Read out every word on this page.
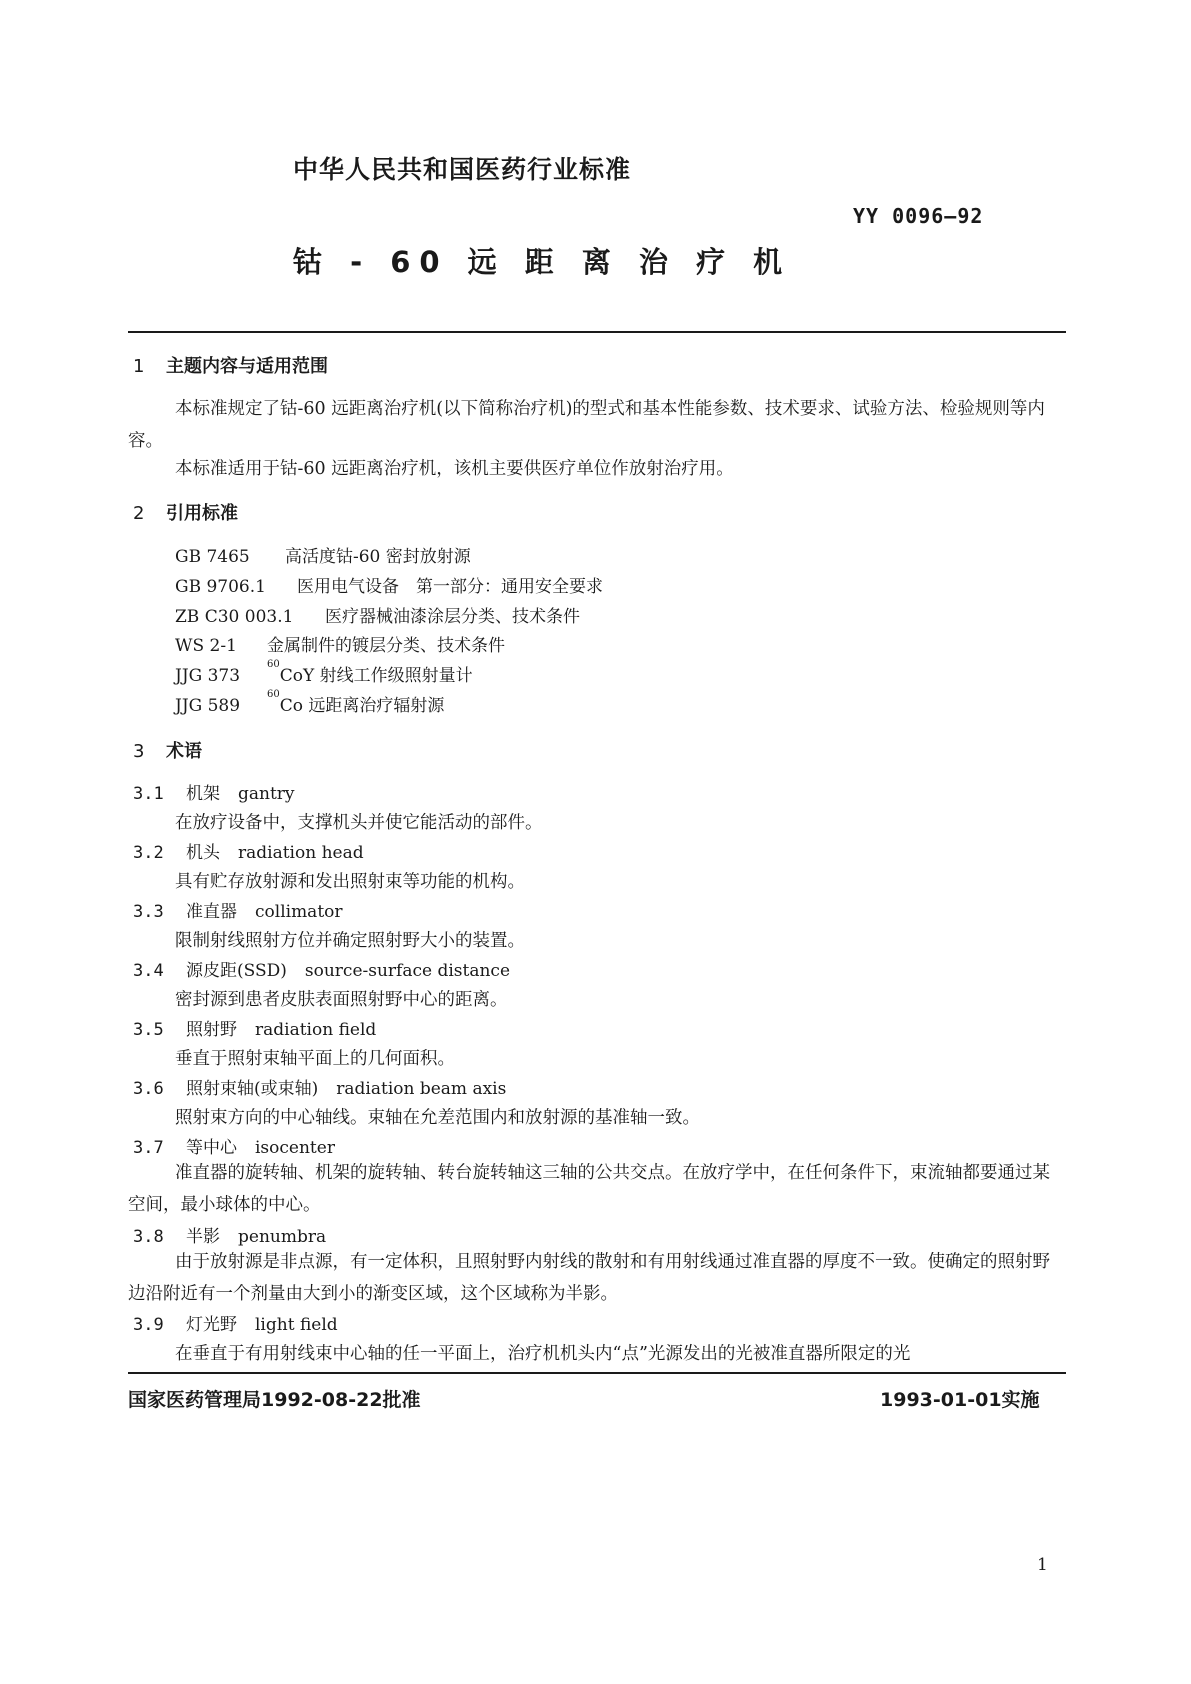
中华人民共和国医药行业标准
YY 0096—92
钴 - 60 远 距 离 治 疗 机
1 主题内容与适用范围
本标准规定了钴-60 远距离治疗机(以下简称治疗机)的型式和基本性能参数、技术要求、试验方法、检验规则等内容。
本标准适用于钴-60 远距离治疗机，该机主要供医疗单位作放射治疗用。
2 引用标准
GB 7465 高活度钴-60 密封放射源
GB 9706.1 医用电气设备　第一部分：通用安全要求
ZB C30 003.1 医疗器械油漆涂层分类、技术条件
WS 2-1 金属制件的镀层分类、技术条件
JJG $373^{60}CoY$ 射线工作级照射量计
JJG $589^{60}Co$ 远距离治疗辐射源
3 术语
3.1 机架 gantry
在放疗设备中，支撑机头并使它能活动的部件。
3.2 机头 radiation head
具有贮存放射源和发出照射束等功能的机构。
3.3 准直器 collimator
限制射线照射方位并确定照射野大小的装置。
3.4 源皮距(SSD) source-surface distance
密封源到患者皮肤表面照射野中心的距离。
3.5 照射野 radiation field
垂直于照射束轴平面上的几何面积。
3.6 照射束轴(或束轴) radiation beam axis
照射束方向的中心轴线。束轴在允差范围内和放射源的基准轴一致。
3.7 等中心 isocenter
准直器的旋转轴、机架的旋转轴、转台旋转轴这三轴的公共交点。在放疗学中，在任何条件下，束流轴都要通过某空间，最小球体的中心。
3.8 半影 penumbra
由于放射源是非点源，有一定体积，且照射野内射线的散射和有用射线通过准直器的厚度不一致。使确定的照射野边沿附近有一个剂量由大到小的渐变区域，这个区域称为半影。
3.9 灯光野 light field
在垂直于有用射线束中心轴的任一平面上，治疗机机头内“点”光源发出的光被准直器所限定的光
国家医药管理局1992-08-22批准	1993-01-01实施
1
